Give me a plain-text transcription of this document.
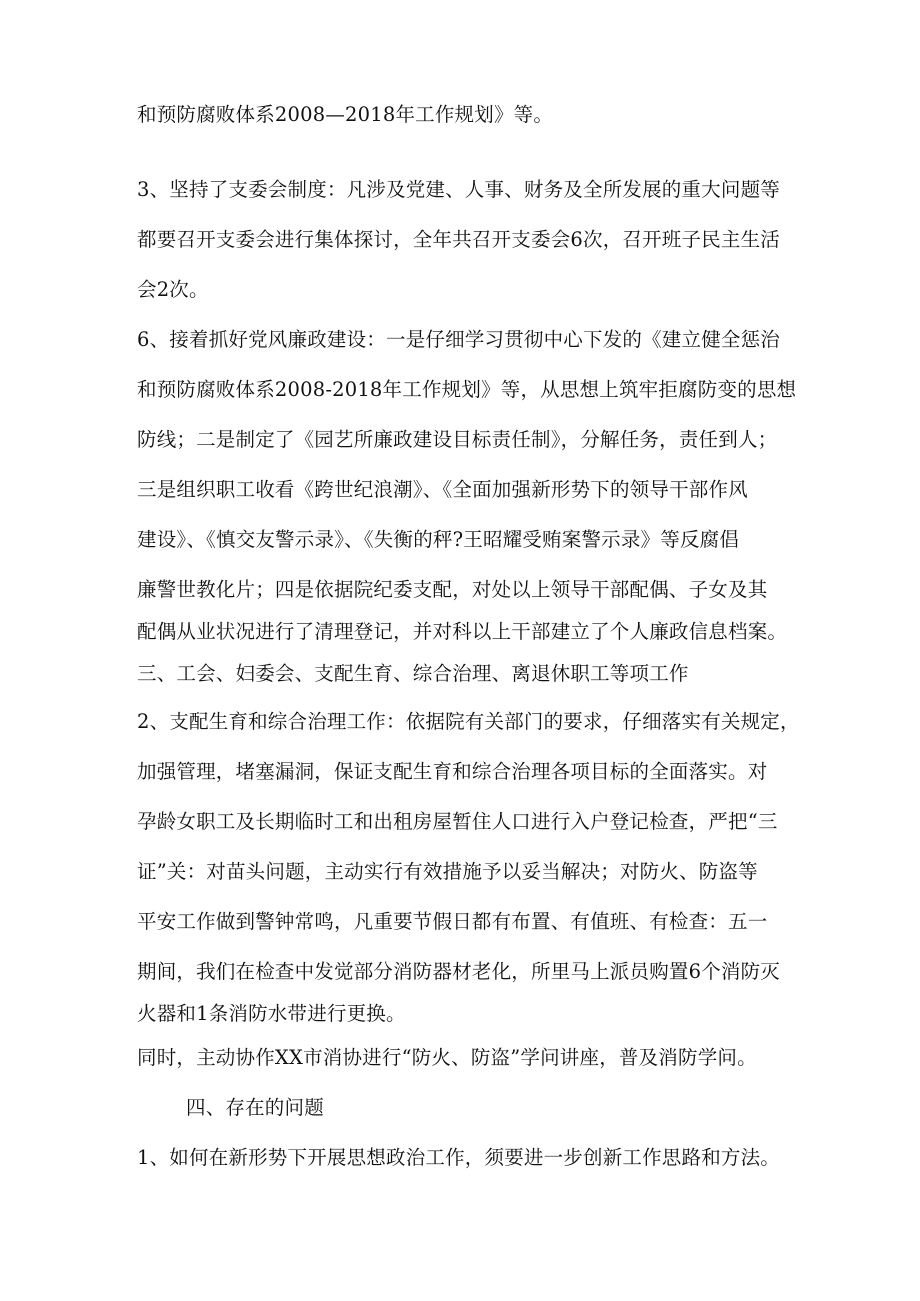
和预防腐败体系2008—2018年工作规划》等。
3、坚持了支委会制度：凡涉及党建、人事、财务及全所发展的重大问题等
都要召开支委会进行集体探讨，全年共召开支委会6次，召开班子民主生活
会2次。
6、接着抓好党风廉政建设：一是仔细学习贯彻中心下发的《建立健全惩治
和预防腐败体系2008-2018年工作规划》等，从思想上筑牢拒腐防变的思想
防线；二是制定了《园艺所廉政建设目标责任制》，分解任务，责任到人；
三是组织职工收看《跨世纪浪潮》、《全面加强新形势下的领导干部作风
建设》、《慎交友警示录》、《失衡的秤?王昭耀受贿案警示录》等反腐倡
廉警世教化片；四是依据院纪委支配，对处以上领导干部配偶、子女及其
配偶从业状况进行了清理登记，并对科以上干部建立了个人廉政信息档案。
三、工会、妇委会、支配生育、综合治理、离退休职工等项工作
2、支配生育和综合治理工作：依据院有关部门的要求，仔细落实有关规定，
加强管理，堵塞漏洞，保证支配生育和综合治理各项目标的全面落实。对
孕龄女职工及长期临时工和出租房屋暂住人口进行入户登记检查，严把“三
证”关：对苗头问题，主动实行有效措施予以妥当解决；对防火、防盗等
平安工作做到警钟常鸣，凡重要节假日都有布置、有值班、有检查：五一
期间，我们在检查中发觉部分消防器材老化，所里马上派员购置6个消防灭
火器和1条消防水带进行更换。
同时，主动协作XX市消协进行“防火、防盗”学问讲座，普及消防学问。
四、存在的问题
1、如何在新形势下开展思想政治工作，须要进一步创新工作思路和方法。
